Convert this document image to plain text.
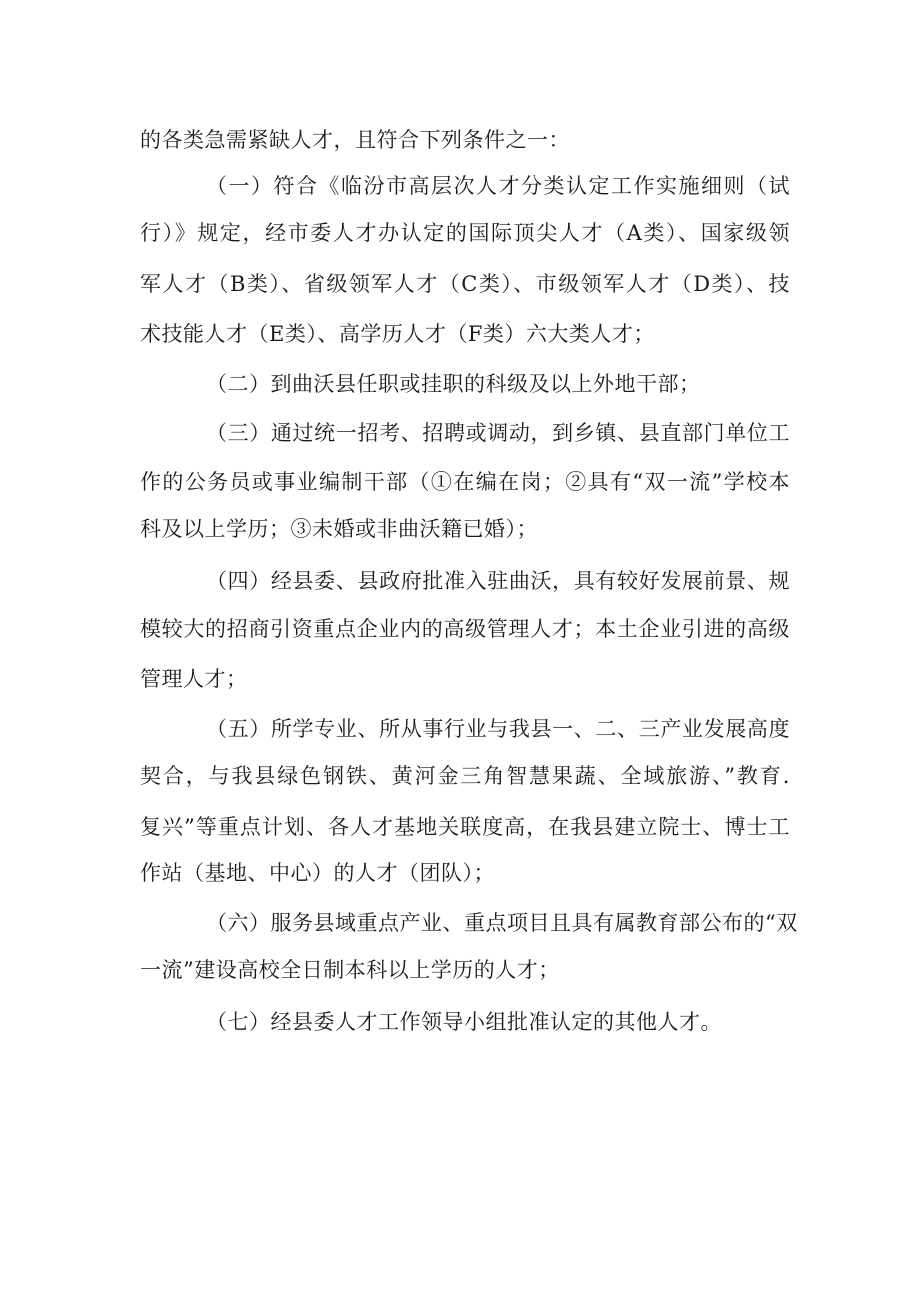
的各类急需紧缺人才，且符合下列条件之一：
（一）符合《临汾市高层次人才分类认定工作实施细则（试
行）》规定，经市委人才办认定的国际顶尖人才（A类）、国家级领
军人才（B类）、省级领军人才（C类）、市级领军人才（D类）、技
术技能人才（E类）、高学历人才（F类）六大类人才；
（二）到曲沃县任职或挂职的科级及以上外地干部；
（三）通过统一招考、招聘或调动，到乡镇、县直部门单位工
作的公务员或事业编制干部（①在编在岗；②具有“双一流”学校本
科及以上学历；③未婚或非曲沃籍已婚）；
（四）经县委、县政府批准入驻曲沃，具有较好发展前景、规
模较大的招商引资重点企业内的高级管理人才；本土企业引进的高级
管理人才；
（五）所学专业、所从事行业与我县一、二、三产业发展高度
契合，与我县绿色钢铁、黄河金三角智慧果蔬、全域旅游、”教育.
复兴”等重点计划、各人才基地关联度高，在我县建立院士、博士工
作站（基地、中心）的人才（团队）；
（六）服务县域重点产业、重点项目且具有属教育部公布的“双
一流”建设高校全日制本科以上学历的人才；
（七）经县委人才工作领导小组批准认定的其他人才。
